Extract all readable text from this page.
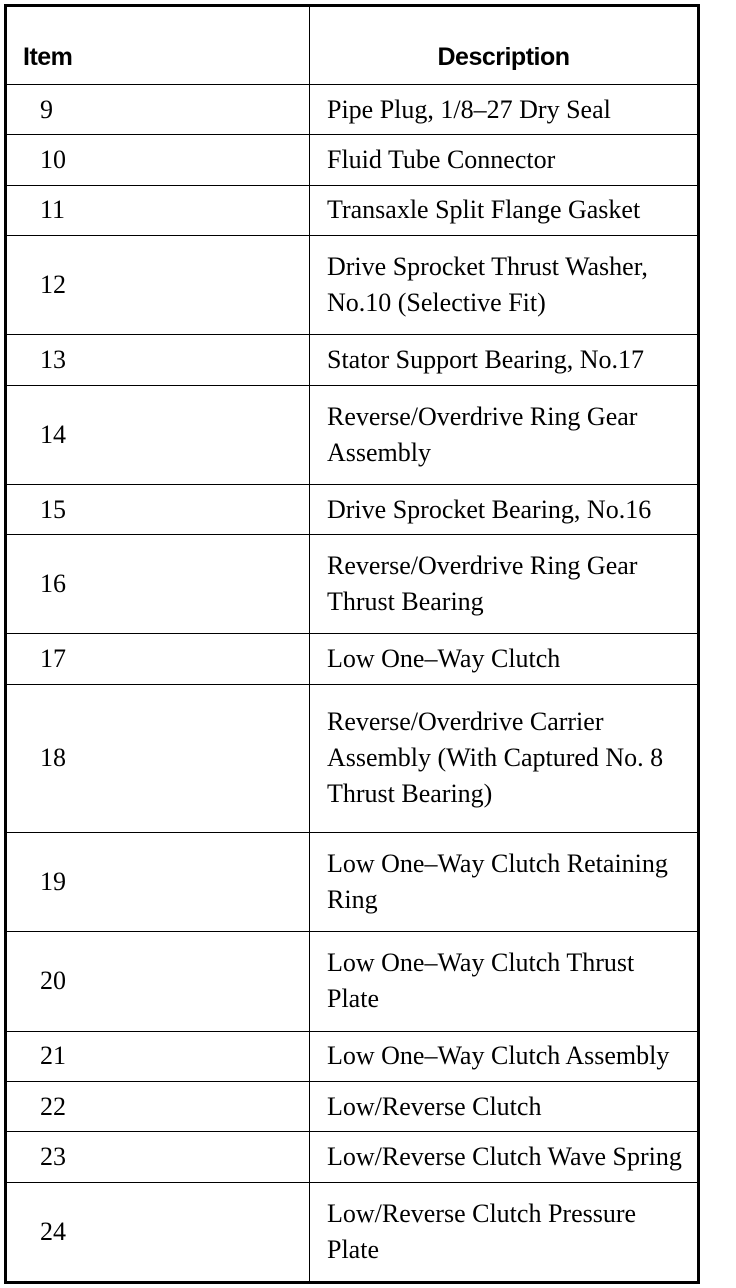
Item	Description
9	Pipe Plug, 1/8–27 Dry Seal
10	Fluid Tube Connector
11	Transaxle Split Flange Gasket
12	Drive Sprocket Thrust Washer, No.10 (Selective Fit)
13	Stator Support Bearing, No.17
14	Reverse/Overdrive Ring Gear Assembly
15	Drive Sprocket Bearing, No.16
16	Reverse/Overdrive Ring Gear Thrust Bearing
17	Low One–Way Clutch
18	Reverse/Overdrive Carrier Assembly (With Captured No. 8 Thrust Bearing)
19	Low One–Way Clutch Retaining Ring
20	Low One–Way Clutch Thrust Plate
21	Low One–Way Clutch Assembly
22	Low/Reverse Clutch
23	Low/Reverse Clutch Wave Spring
24	Low/Reverse Clutch Pressure Plate
